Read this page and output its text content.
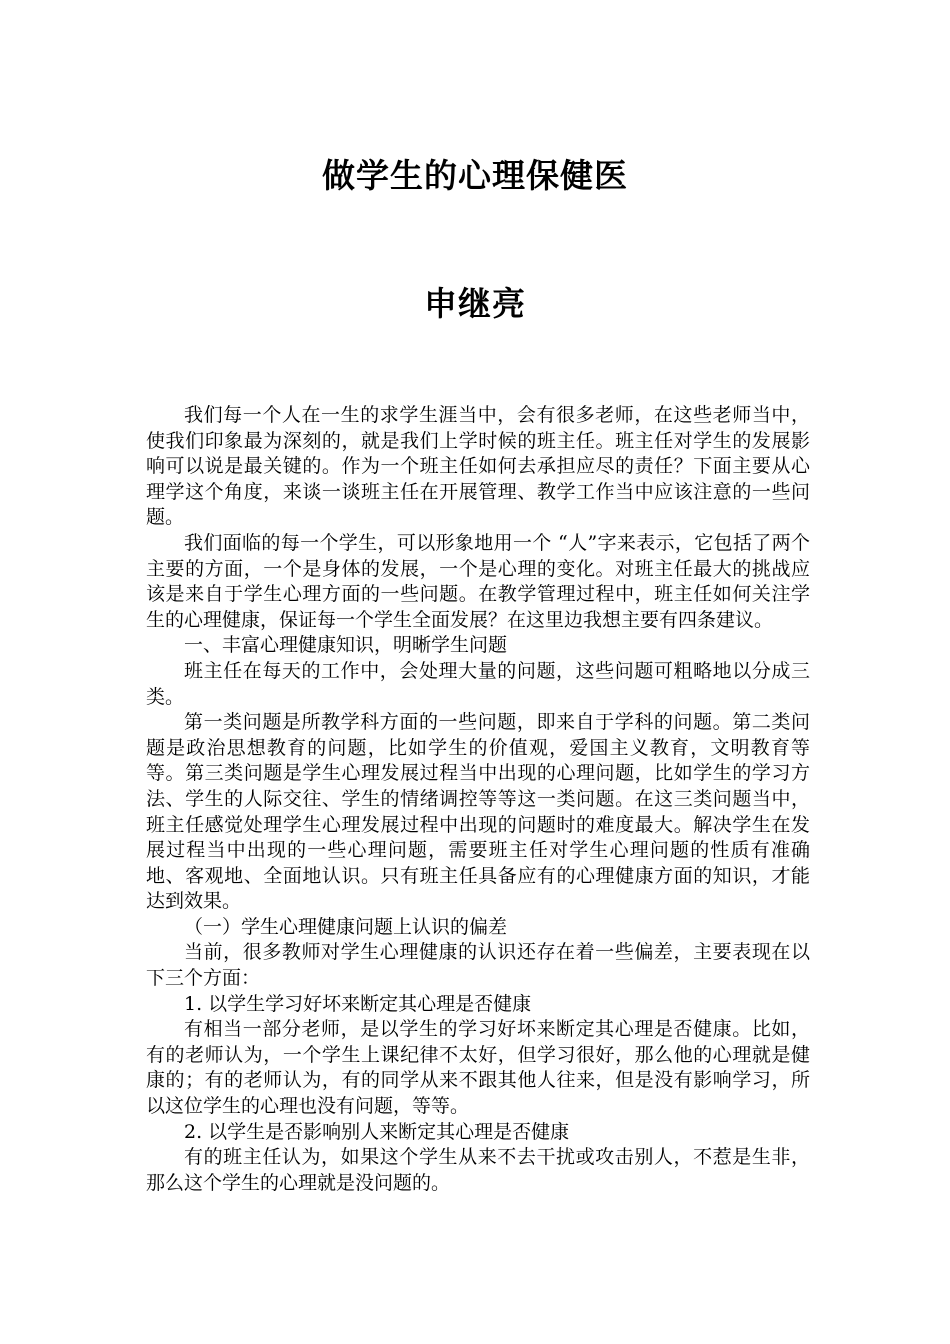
做学生的心理保健医
申继亮

我们每一个人在一生的求学生涯当中，会有很多老师，在这些老师当中，使我们印象最为深刻的，就是我们上学时候的班主任。班主任对学生的发展影响可以说是最关键的。作为一个班主任如何去承担应尽的责任？下面主要从心理学这个角度，来谈一谈班主任在开展管理、教学工作当中应该注意的一些问题。

我们面临的每一个学生，可以形象地用一个 “人”字来表示，它包括了两个主要的方面，一个是身体的发展，一个是心理的变化。对班主任最大的挑战应该是来自于学生心理方面的一些问题。在教学管理过程中，班主任如何关注学生的心理健康，保证每一个学生全面发展？在这里边我想主要有四条建议。

一、丰富心理健康知识，明晰学生问题

班主任在每天的工作中，会处理大量的问题，这些问题可粗略地以分成三类。

第一类问题是所教学科方面的一些问题，即来自于学科的问题。第二类问题是政治思想教育的问题，比如学生的价值观，爱国主义教育，文明教育等等。第三类问题是学生心理发展过程当中出现的心理问题，比如学生的学习方法、学生的人际交往、学生的情绪调控等等这一类问题。在这三类问题当中，班主任感觉处理学生心理发展过程中出现的问题时的难度最大。解决学生在发展过程当中出现的一些心理问题，需要班主任对学生心理问题的性质有准确地、客观地、全面地认识。只有班主任具备应有的心理健康方面的知识，才能达到效果。

（一）学生心理健康问题上认识的偏差

当前，很多教师对学生心理健康的认识还存在着一些偏差，主要表现在以下三个方面：

1. 以学生学习好坏来断定其心理是否健康

有相当一部分老师，是以学生的学习好坏来断定其心理是否健康。比如，有的老师认为，一个学生上课纪律不太好，但学习很好，那么他的心理就是健康的；有的老师认为，有的同学从来不跟其他人往来，但是没有影响学习，所以这位学生的心理也没有问题，等等。

2. 以学生是否影响别人来断定其心理是否健康

有的班主任认为，如果这个学生从来不去干扰或攻击别人，不惹是生非，那么这个学生的心理就是没问题的。
